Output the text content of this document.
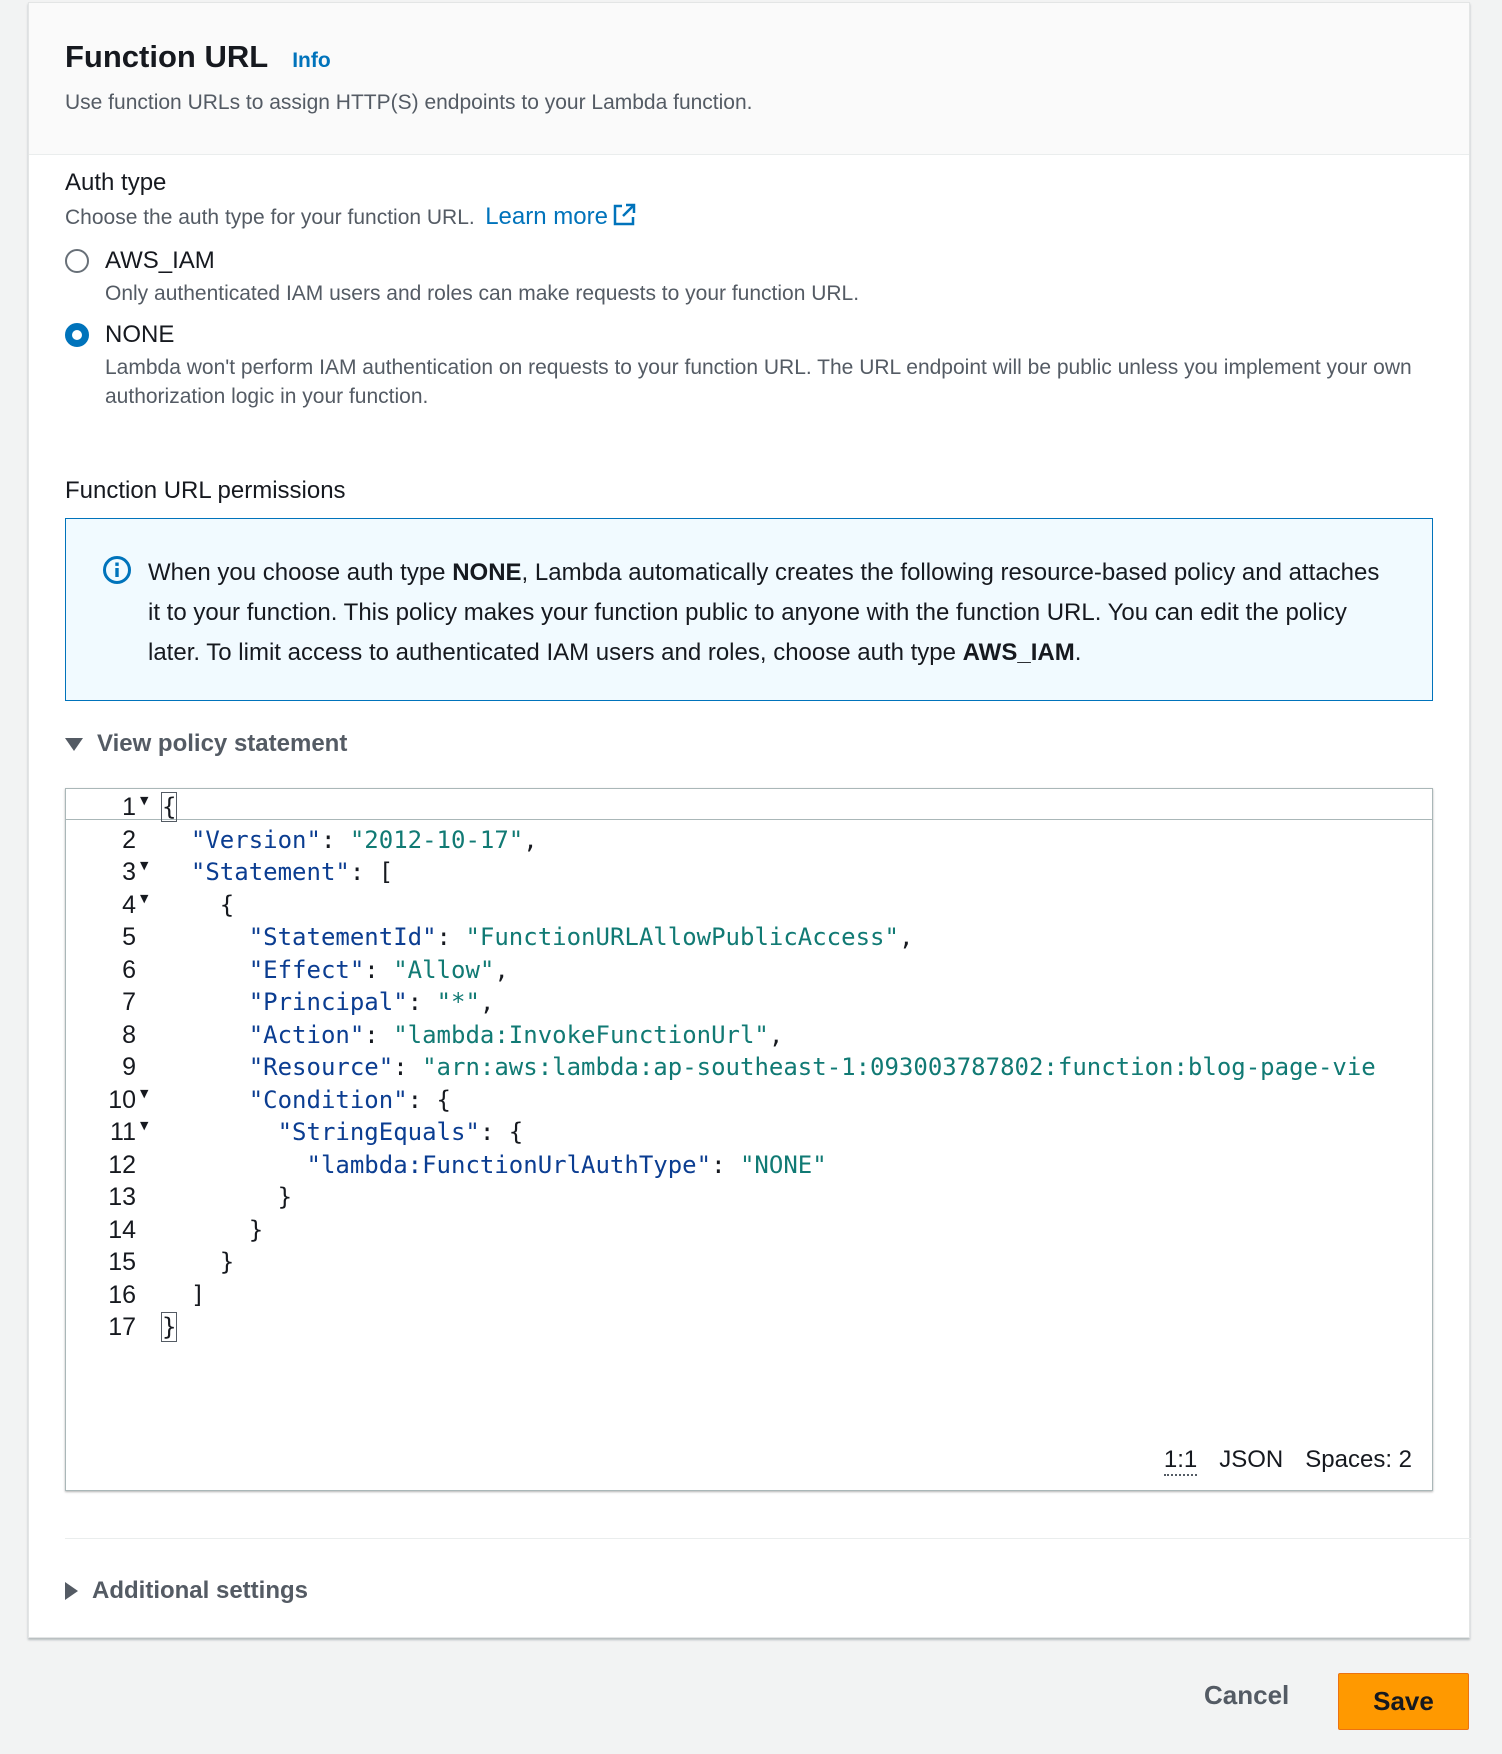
Function URL Info
Use function URLs to assign HTTP(S) endpoints to your Lambda function.
Auth type
Choose the auth type for your function URL. Learn more
AWS_IAM
Only authenticated IAM users and roles can make requests to your function URL.
NONE
Lambda won't perform IAM authentication on requests to your function URL. The URL endpoint will be public unless you implement your own authorization logic in your function.
Function URL permissions
When you choose auth type NONE, Lambda automatically creates the following resource-based policy and attaches it to your function. This policy makes your function public to anyone with the function URL. You can edit the policy later. To limit access to authenticated IAM users and roles, choose auth type AWS_IAM.
View policy statement
1 ▼ {
2	"Version": "2012-10-17",
3 ▼	"Statement": [
4 ▼ {
5	"StatementId": "FunctionURLAllowPublicAccess",
6	"Effect": "Allow",
7	"Principal": "*",
8	"Action": "lambda:InvokeFunctionUrl",
9	"Resource": "arn:aws:lambda:ap-southeast-1:093003787802:function:blog-page-vie
10 ▼	"Condition": {
11 ▼	"StringEquals": {
12	"lambda:FunctionUrlAuthType": "NONE"
13 }
14 }
15 }
16 ]
17 }
1:1 JSON Spaces: 2
Additional settings
Cancel	Save
